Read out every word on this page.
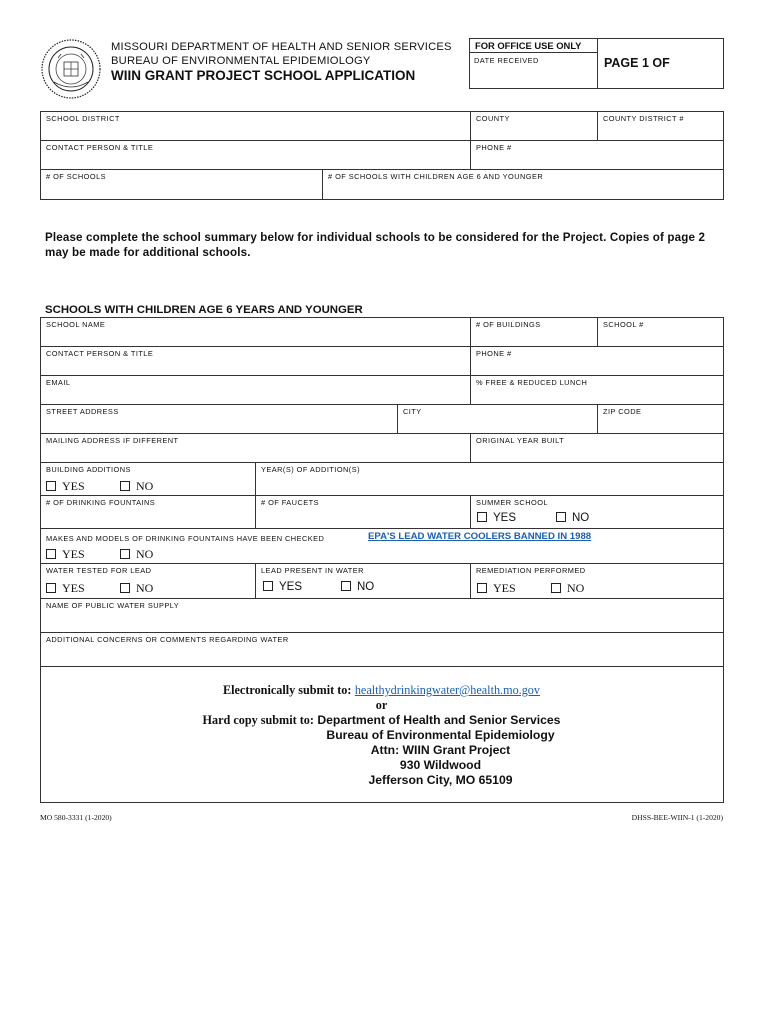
MISSOURI DEPARTMENT OF HEALTH AND SENIOR SERVICES
BUREAU OF ENVIRONMENTAL EPIDEMIOLOGY
WIIN GRANT PROJECT SCHOOL APPLICATION
FOR OFFICE USE ONLY
DATE RECEIVED	PAGE 1 OF
SCHOOL DISTRICT	COUNTY	COUNTY DISTRICT #
CONTACT PERSON & TITLE	PHONE #
# OF SCHOOLS	# OF SCHOOLS WITH CHILDREN AGE 6 AND YOUNGER
Please complete the school summary below for individual schools to be considered for the Project. Copies of page 2 may be made for additional schools.
SCHOOLS WITH CHILDREN AGE 6 YEARS AND YOUNGER
SCHOOL NAME	# OF BUILDINGS	SCHOOL #
CONTACT PERSON & TITLE	PHONE #
EMAIL	% FREE & REDUCED LUNCH
STREET ADDRESS	CITY	ZIP CODE
MAILING ADDRESS IF DIFFERENT	ORIGINAL YEAR BUILT
BUILDING ADDITIONS
YES	NO
YEAR(S) OF ADDITION(S)
# OF DRINKING FOUNTAINS	# OF FAUCETS	SUMMER SCHOOL
YES	NO
MAKES AND MODELS OF DRINKING FOUNTAINS HAVE BEEN CHECKED	EPA'S LEAD WATER COOLERS BANNED IN 1988
YES	NO
WATER TESTED FOR LEAD
YES	NO
LEAD PRESENT IN WATER
YES	NO
REMEDIATION PERFORMED
YES	NO
NAME OF PUBLIC WATER SUPPLY
ADDITIONAL CONCERNS OR COMMENTS REGARDING WATER
Electronically submit to: healthydrinkingwater@health.mo.gov
or
Hard copy submit to: Department of Health and Senior Services
Bureau of Environmental Epidemiology
Attn: WIIN Grant Project
930 Wildwood
Jefferson City, MO 65109
MO 580-3331 (1-2020)	DHSS-BEE-WIIN-1 (1-2020)
